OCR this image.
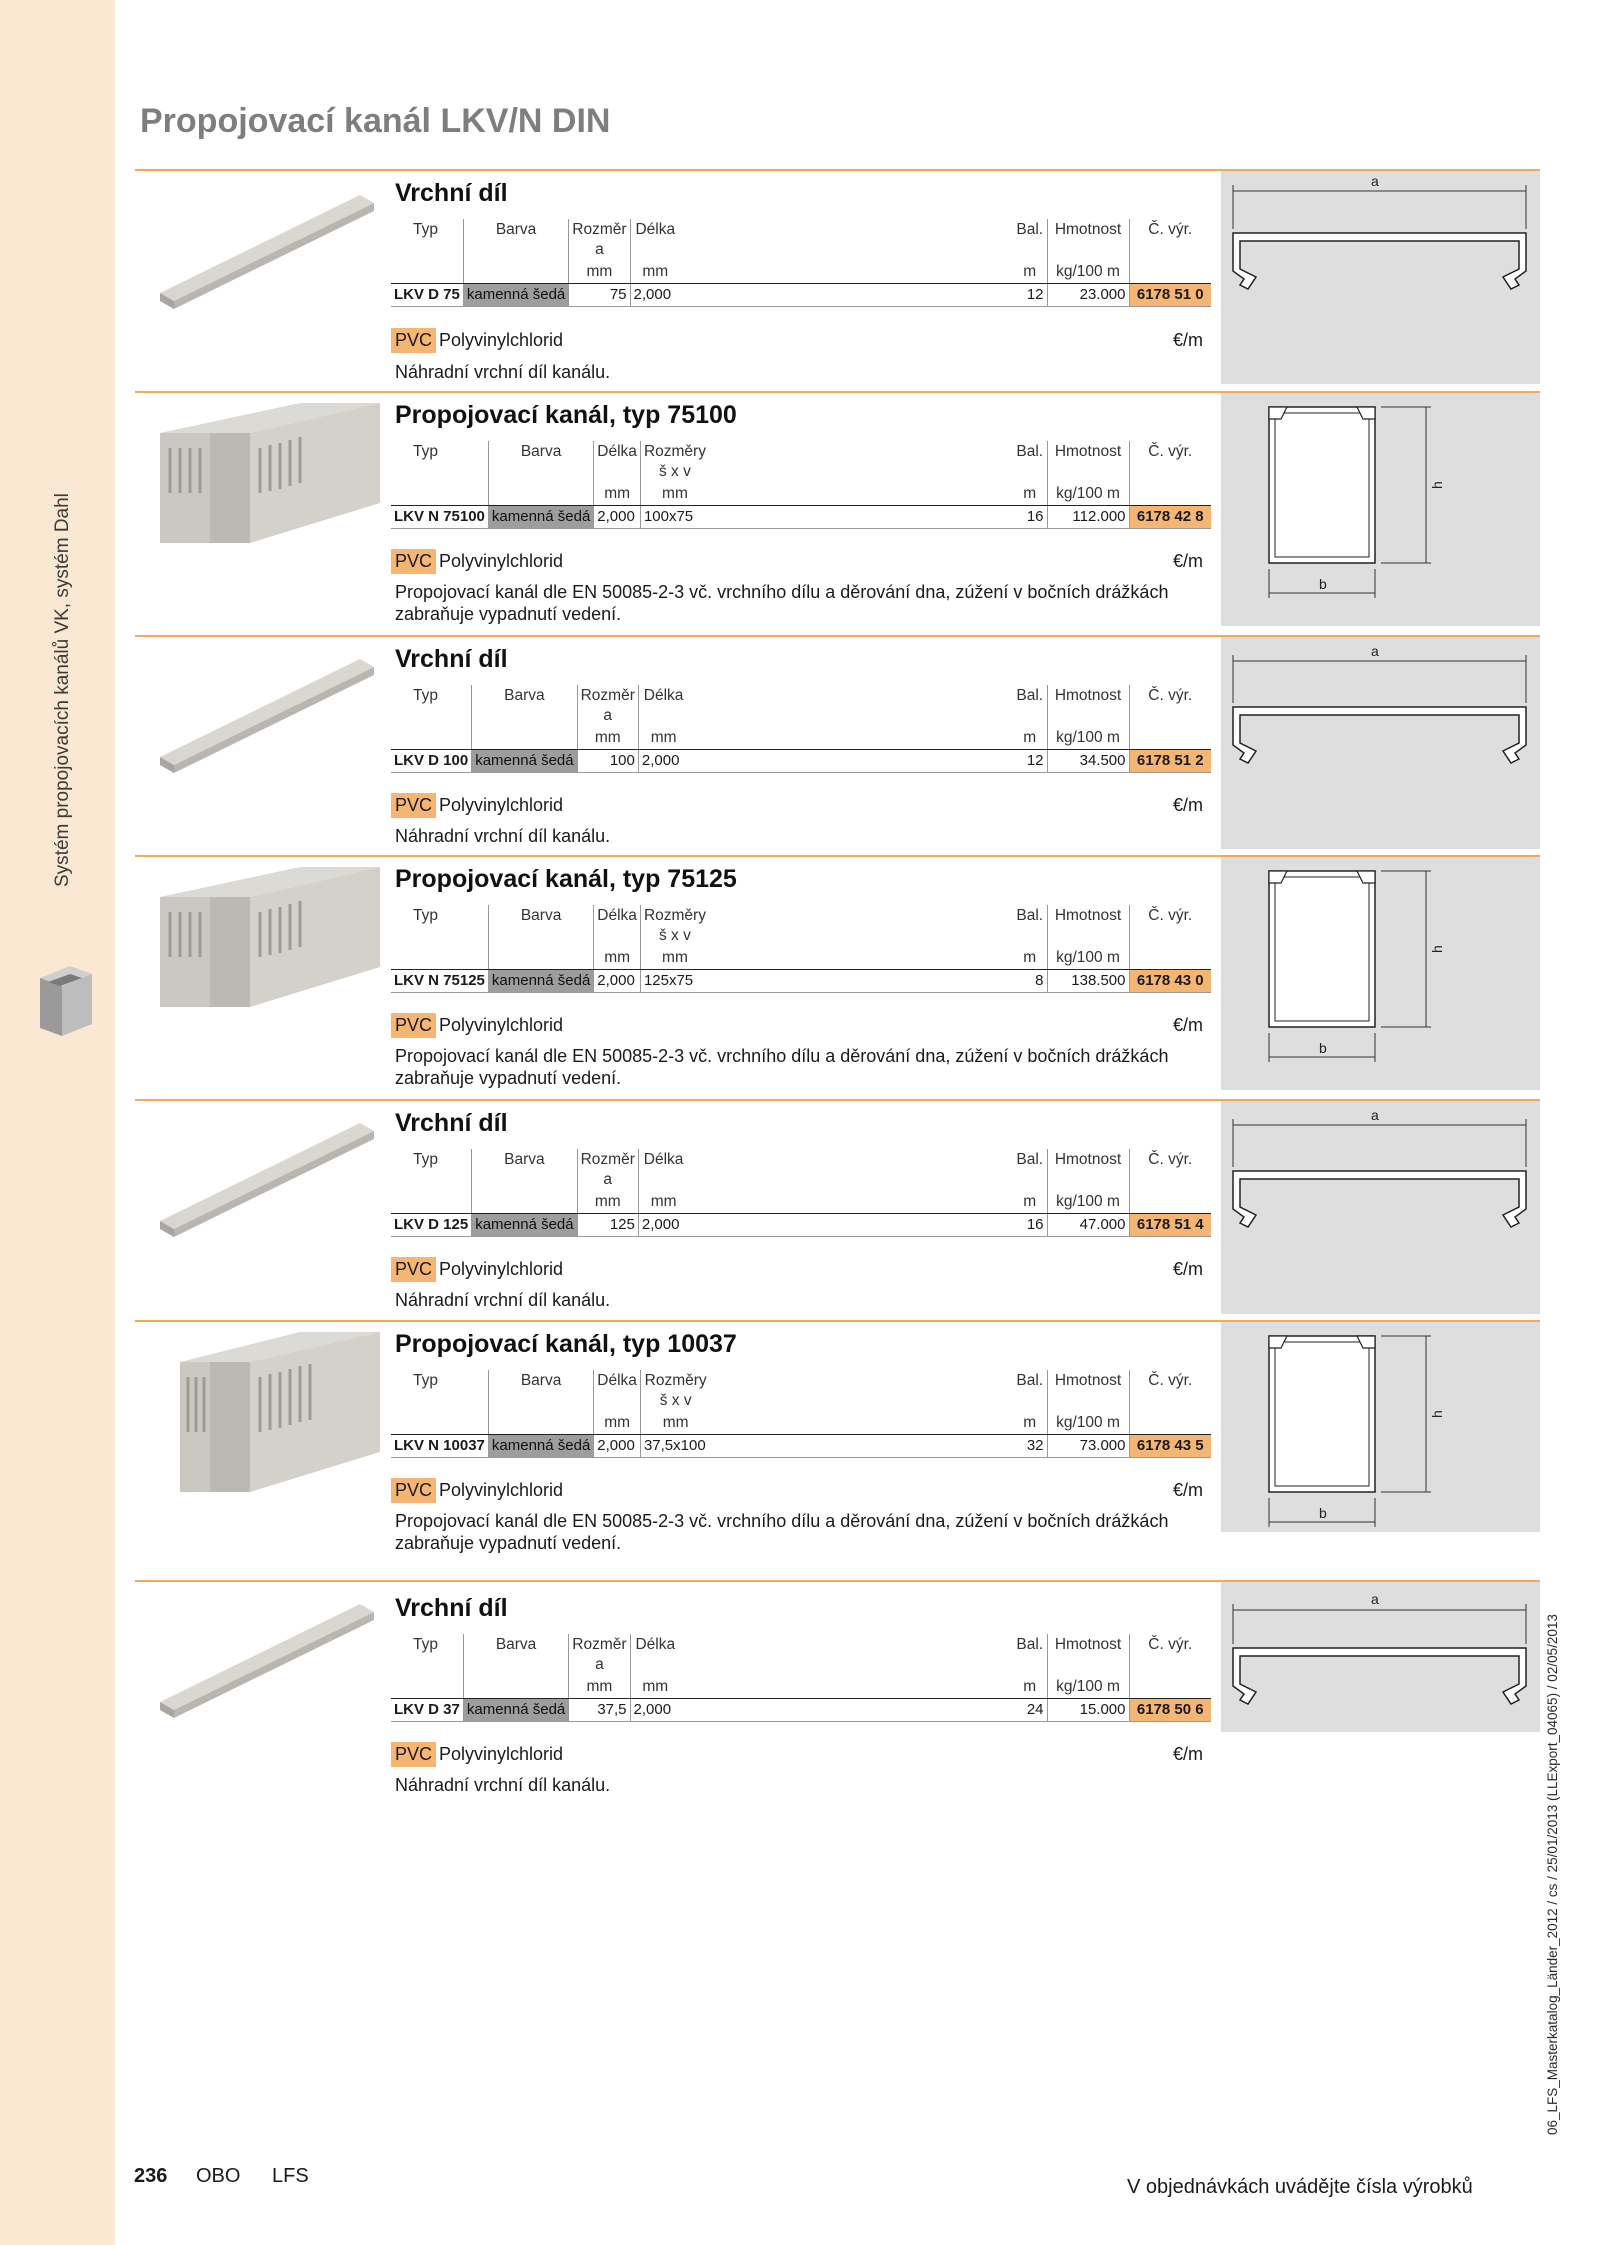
Systém propojovacích kanálů VK, systém Dahl
06_LFS_Masterkatalog_Länder_2012 / cs / 25/01/2013 (LLExport_04065) / 02/05/2013
Propojovací kanál LKV/N DIN
Vrchní díl
Typ	Barva	Rozměr
a	Délka		Bal.	Hmotnost	Č. výr.
		mm	mm		m	kg/100 m	
LKV D 75	kamenná šedá	75	2,000		12	23.000	6178 51 0
PVC Polyvinylchlorid	€/m
Náhradní vrchní díl kanálu.
a
Propojovací kanál, typ 75100
Typ	Barva	Délka	Rozměry
š x v		Bal.	Hmotnost	Č. výr.
		mm	mm		m	kg/100 m	
LKV N 75100	kamenná šedá	2,000	100x75		16	112.000	6178 42 8
PVC Polyvinylchlorid	€/m
Propojovací kanál dle EN 50085-2-3 vč. vrchního dílu a děrování dna, zúžení v bočních drážkách zabraňuje vypadnutí vedení.
h
b
Vrchní díl
Typ	Barva	Rozměr
a	Délka		Bal.	Hmotnost	Č. výr.
		mm	mm		m	kg/100 m	
LKV D 100	kamenná šedá	100	2,000		12	34.500	6178 51 2
PVC Polyvinylchlorid	€/m
Náhradní vrchní díl kanálu.
a
Propojovací kanál, typ 75125
Typ	Barva	Délka	Rozměry
š x v		Bal.	Hmotnost	Č. výr.
		mm	mm		m	kg/100 m	
LKV N 75125	kamenná šedá	2,000	125x75		8	138.500	6178 43 0
PVC Polyvinylchlorid	€/m
Propojovací kanál dle EN 50085-2-3 vč. vrchního dílu a děrování dna, zúžení v bočních drážkách zabraňuje vypadnutí vedení.
h
b
Vrchní díl
Typ	Barva	Rozměr
a	Délka		Bal.	Hmotnost	Č. výr.
		mm	mm		m	kg/100 m	
LKV D 125	kamenná šedá	125	2,000		16	47.000	6178 51 4
PVC Polyvinylchlorid	€/m
Náhradní vrchní díl kanálu.
a
Propojovací kanál, typ 10037
Typ	Barva	Délka	Rozměry
š x v		Bal.	Hmotnost	Č. výr.
		mm	mm		m	kg/100 m	
LKV N 10037	kamenná šedá	2,000	37,5x100		32	73.000	6178 43 5
PVC Polyvinylchlorid	€/m
Propojovací kanál dle EN 50085-2-3 vč. vrchního dílu a děrování dna, zúžení v bočních drážkách zabraňuje vypadnutí vedení.
h
b
Vrchní díl
Typ	Barva	Rozměr
a	Délka		Bal.	Hmotnost	Č. výr.
		mm	mm		m	kg/100 m	
LKV D 37	kamenná šedá	37,5	2,000		24	15.000	6178 50 6
PVC Polyvinylchlorid	€/m
Náhradní vrchní díl kanálu.
a
236 OBO LFS	V objednávkách uvádějte čísla výrobků
